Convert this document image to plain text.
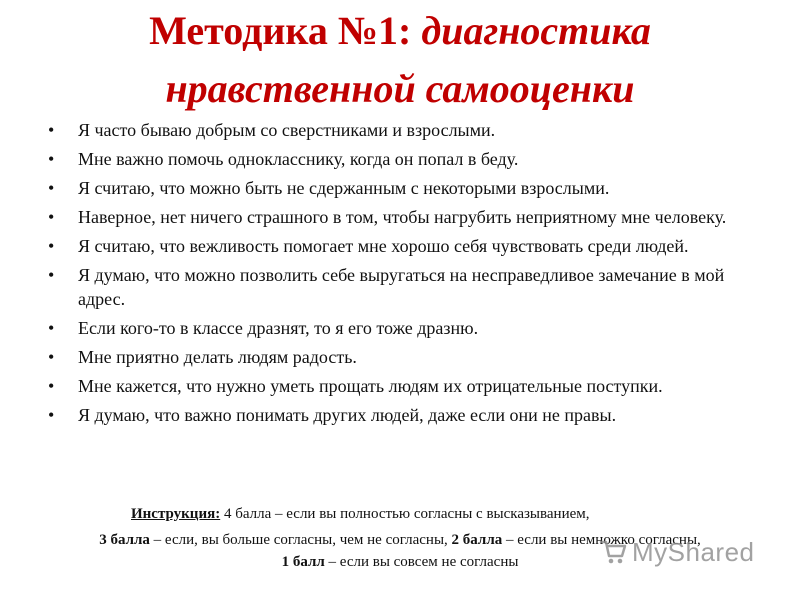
Методика №1: диагностика
нравственной самооценки
• Я часто бываю добрым со сверстниками и взрослыми.
• Мне важно помочь однокласснику, когда он попал в беду.
• Я считаю, что можно быть не сдержанным с некоторыми взрослыми.
• Наверное, нет ничего страшного в том, чтобы нагрубить неприятному мне человеку.
• Я считаю, что вежливость помогает мне хорошо себя чувствовать среди людей.
• Я думаю, что можно позволить себе выругаться на несправедливое замечание в мой адрес.
• Если кого-то в классе дразнят, то я его тоже дразню.
• Мне приятно делать людям радость.
• Мне кажется, что нужно уметь прощать людям их отрицательные поступки.
• Я думаю, что важно понимать других людей, даже если они не правы.
Инструкция: 4 балла – если вы полностью согласны с высказыванием,
3 балла – если, вы больше согласны, чем не согласны, 2 балла – если вы немножко согласны,
1 балл – если вы совсем не согласны	MyShared
